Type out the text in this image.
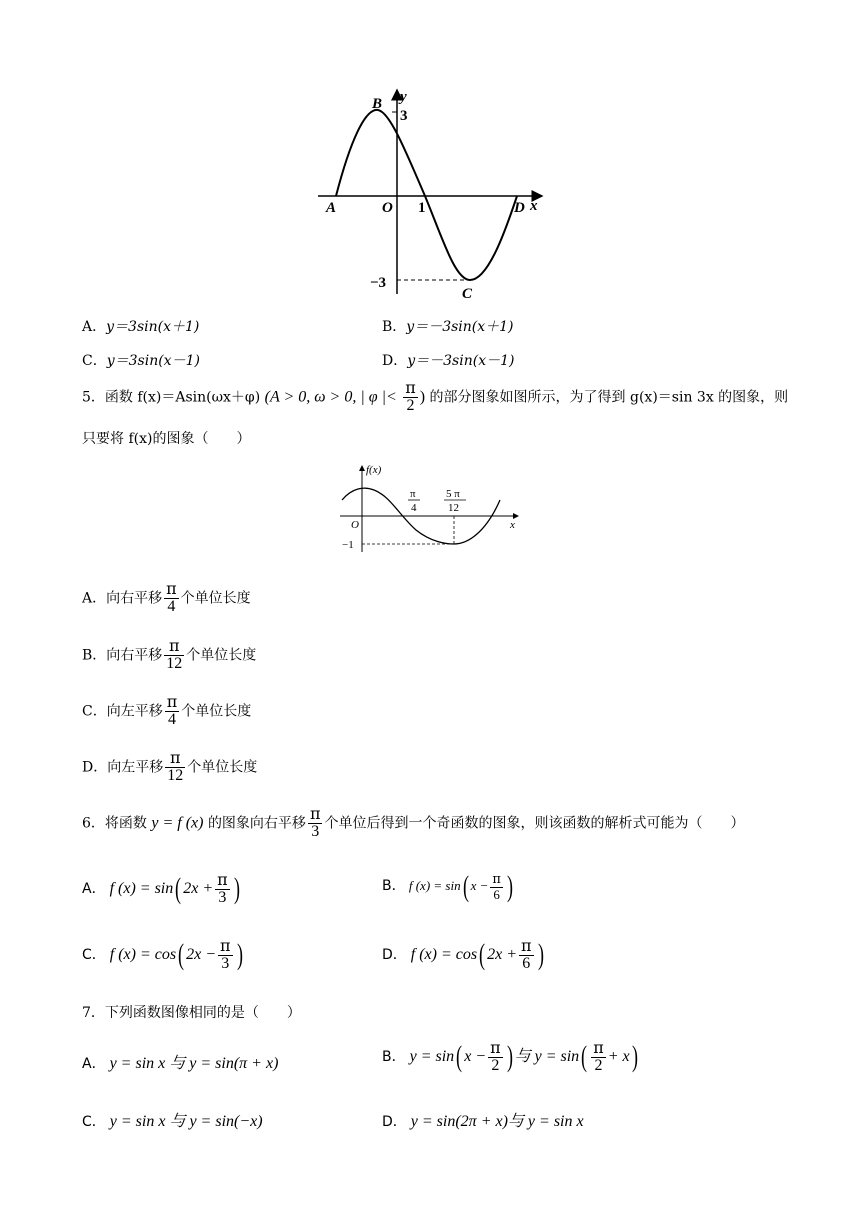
B y
3
A	O 1	D x
−3
C
A．y＝3sin(x＋1)	B．y＝－3sin(x＋1)
C．y＝3sin(x－1)	D．y＝－3sin(x－1)
5．函数 f(x)＝Asin(ωx＋φ) (A > 0, ω > 0, | φ |< $\frac{\pi}{2}$ ) 的部分图象如图所示，为了得到 g(x)＝sin 3x 的图象，则
只要将 f(x)的图象（　　）
f(x)
π
4
5 π
12
O	x
−1
A．向右平移 $\frac{\pi}{4}$ 个单位长度
B．向右平移 $\frac{\pi}{12}$ 个单位长度
C．向左平移 $\frac{\pi}{4}$ 个单位长度
D．向左平移 $\frac{\pi}{12}$ 个单位长度
6．将函数 y = f (x) 的图象向右平移 $\frac{\pi}{3}$ 个单位后得到一个奇函数的图象，则该函数的解析式可能为（　　）
A． f (x) = sin( $2x + \frac{\pi}{3}$ )	B． f (x) = sin( $x - \frac{\pi}{6}$ )
C． f (x) = cos( $2x - \frac{\pi}{3}$ )	D． f (x) = cos( $2x + \frac{\pi}{6}$ )
7．下列函数图像相同的是（　　）
A． y = sin x 与 y = sin(π + x)	B． y = sin( $x - \frac{\pi}{2}$ ) 与 $y = \sin( \frac{\pi}{2} + x)$
C． y = sin x 与 y = sin(−x)	D． y = sin(2π + x)与 y = sin x
